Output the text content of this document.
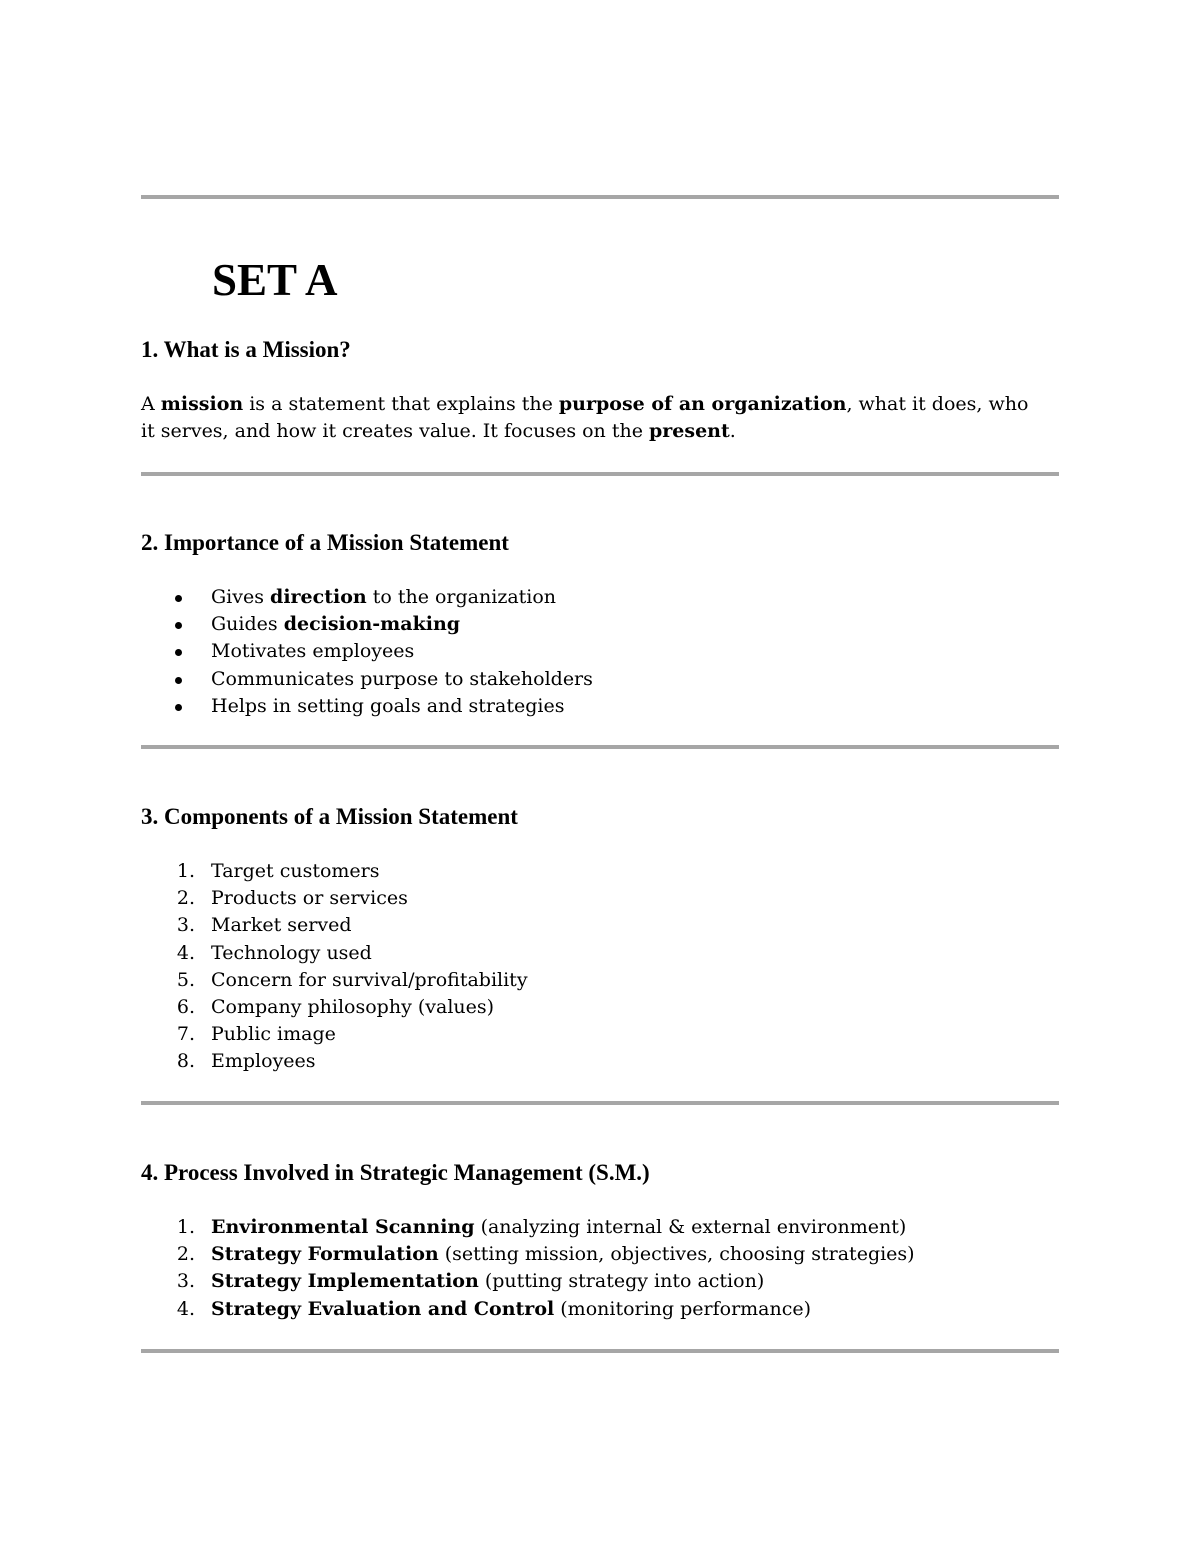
SET A
1. What is a Mission?

A mission is a statement that explains the purpose of an organization, what it does, who it serves, and how it creates value. It focuses on the present.

2. Importance of a Mission Statement
Gives direction to the organization
Guides decision-making
Motivates employees
Communicates purpose to stakeholders
Helps in setting goals and strategies
3. Components of a Mission Statement
1. Target customers
2. Products or services
3. Market served
4. Technology used
5. Concern for survival/profitability
6. Company philosophy (values)
7. Public image
8. Employees
4. Process Involved in Strategic Management (S.M.)
1. Environmental Scanning (analyzing internal & external environment)
2. Strategy Formulation (setting mission, objectives, choosing strategies)
3. Strategy Implementation (putting strategy into action)
4. Strategy Evaluation and Control (monitoring performance)
